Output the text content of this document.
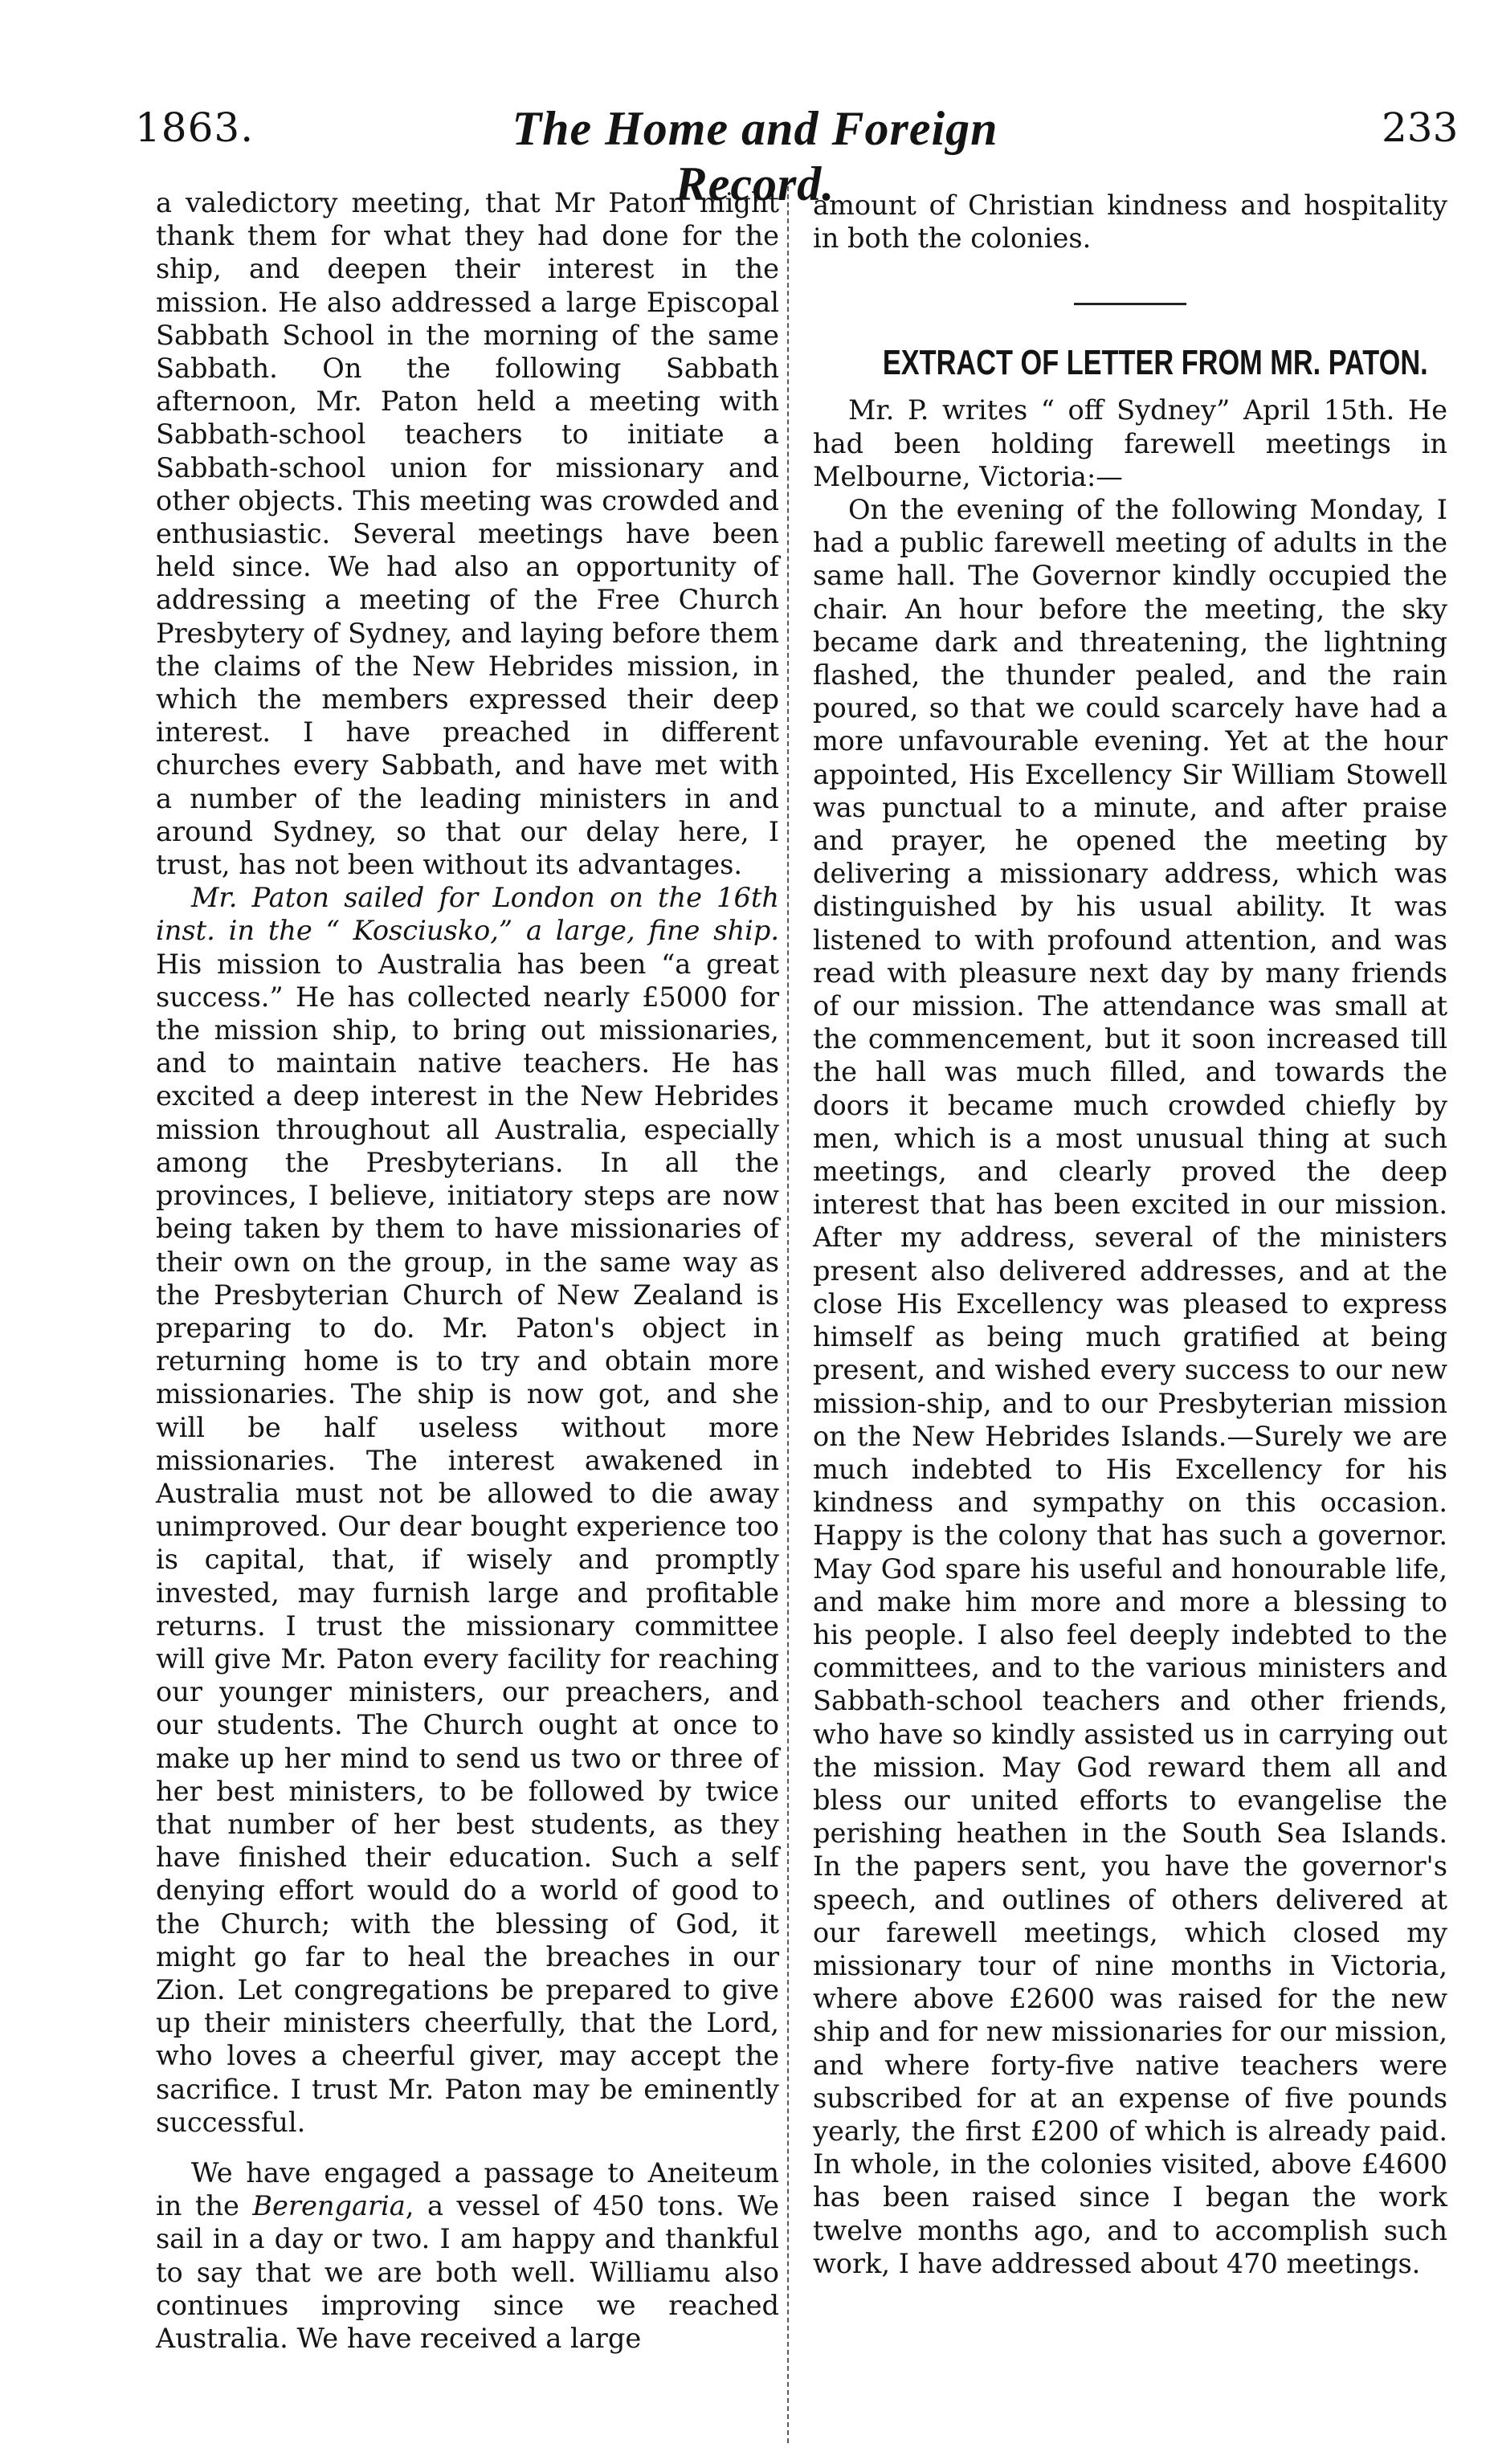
1863.	The Home and Foreign Record.
233

a valedictory meeting, that Mr Paton might thank them for what they had done for the ship, and deepen their interest in the mission. He also addressed a large Episcopal Sabbath School in the morning of the same Sabbath. On the following Sabbath afternoon, Mr. Paton held a meeting with Sabbath-school teachers to initiate a Sabbath-school union for missionary and other objects. This meeting was crowded and enthusiastic. Several meetings have been held since. We had also an opportunity of addressing a meeting of the Free Church Presbytery of Sydney, and laying before them the claims of the New Hebrides mission, in which the members expressed their deep interest. I have preached in different churches every Sabbath, and have met with a number of the leading ministers in and around Sydney, so that our delay here, I trust, has not been without its advantages.

Mr. Paton sailed for London on the 16th inst. in the “ Kosciusko,” a large, fine ship. His mission to Australia has been “a great success.” He has collected nearly £5000 for the mission ship, to bring out missionaries, and to maintain native teachers. He has excited a deep interest in the New Hebrides mission throughout all Australia, especially among the Presbyterians. In all the provinces, I believe, initiatory steps are now being taken by them to have missionaries of their own on the group, in the same way as the Presbyterian Church of New Zealand is preparing to do. Mr. Paton's object in returning home is to try and obtain more missionaries. The ship is now got, and she will be half useless without more missionaries. The interest awakened in Australia must not be allowed to die away unimproved. Our dear bought experience too is capital, that, if wisely and promptly invested, may furnish large and profitable returns. I trust the missionary committee will give Mr. Paton every facility for reaching our younger ministers, our preachers, and our students. The Church ought at once to make up her mind to send us two or three of her best ministers, to be followed by twice that number of her best students, as they have finished their education. Such a self denying effort would do a world of good to the Church; with the blessing of God, it might go far to heal the breaches in our Zion. Let congregations be prepared to give up their ministers cheerfully, that the Lord, who loves a cheerful giver, may accept the sacrifice. I trust Mr. Paton may be eminently successful.

We have engaged a passage to Aneiteum in the Berengaria, a vessel of 450 tons. We sail in a day or two. I am happy and thankful to say that we are both well. Williamu also continues improving since we reached Australia. We have received a large

amount of Christian kindness and hospitality in both the colonies.

EXTRACT OF LETTER FROM MR. PATON.

Mr. P. writes “ off Sydney” April 15th. He had been holding farewell meetings in Melbourne, Victoria:—

On the evening of the following Monday, I had a public farewell meeting of adults in the same hall. The Governor kindly occupied the chair. An hour before the meeting, the sky became dark and threatening, the lightning flashed, the thunder pealed, and the rain poured, so that we could scarcely have had a more unfavourable evening. Yet at the hour appointed, His Excellency Sir William Stowell was punctual to a minute, and after praise and prayer, he opened the meeting by delivering a missionary address, which was distinguished by his usual ability. It was listened to with profound attention, and was read with pleasure next day by many friends of our mission. The attendance was small at the commencement, but it soon increased till the hall was much filled, and towards the doors it became much crowded chiefly by men, which is a most unusual thing at such meetings, and clearly proved the deep interest that has been excited in our mission. After my address, several of the ministers present also delivered addresses, and at the close His Excellency was pleased to express himself as being much gratified at being present, and wished every success to our new mission-ship, and to our Presbyterian mission on the New Hebrides Islands.—Surely we are much indebted to His Excellency for his kindness and sympathy on this occasion. Happy is the colony that has such a governor. May God spare his useful and honourable life, and make him more and more a blessing to his people. I also feel deeply indebted to the committees, and to the various ministers and Sabbath-school teachers and other friends, who have so kindly assisted us in carrying out the mission. May God reward them all and bless our united efforts to evangelise the perishing heathen in the South Sea Islands. In the papers sent, you have the governor's speech, and outlines of others delivered at our farewell meetings, which closed my missionary tour of nine months in Victoria, where above £2600 was raised for the new ship and for new missionaries for our mission, and where forty-five native teachers were subscribed for at an expense of five pounds yearly, the first £200 of which is already paid. In whole, in the colonies visited, above £4600 has been raised since I began the work twelve months ago, and to accomplish such work, I have addressed about 470 meetings.
